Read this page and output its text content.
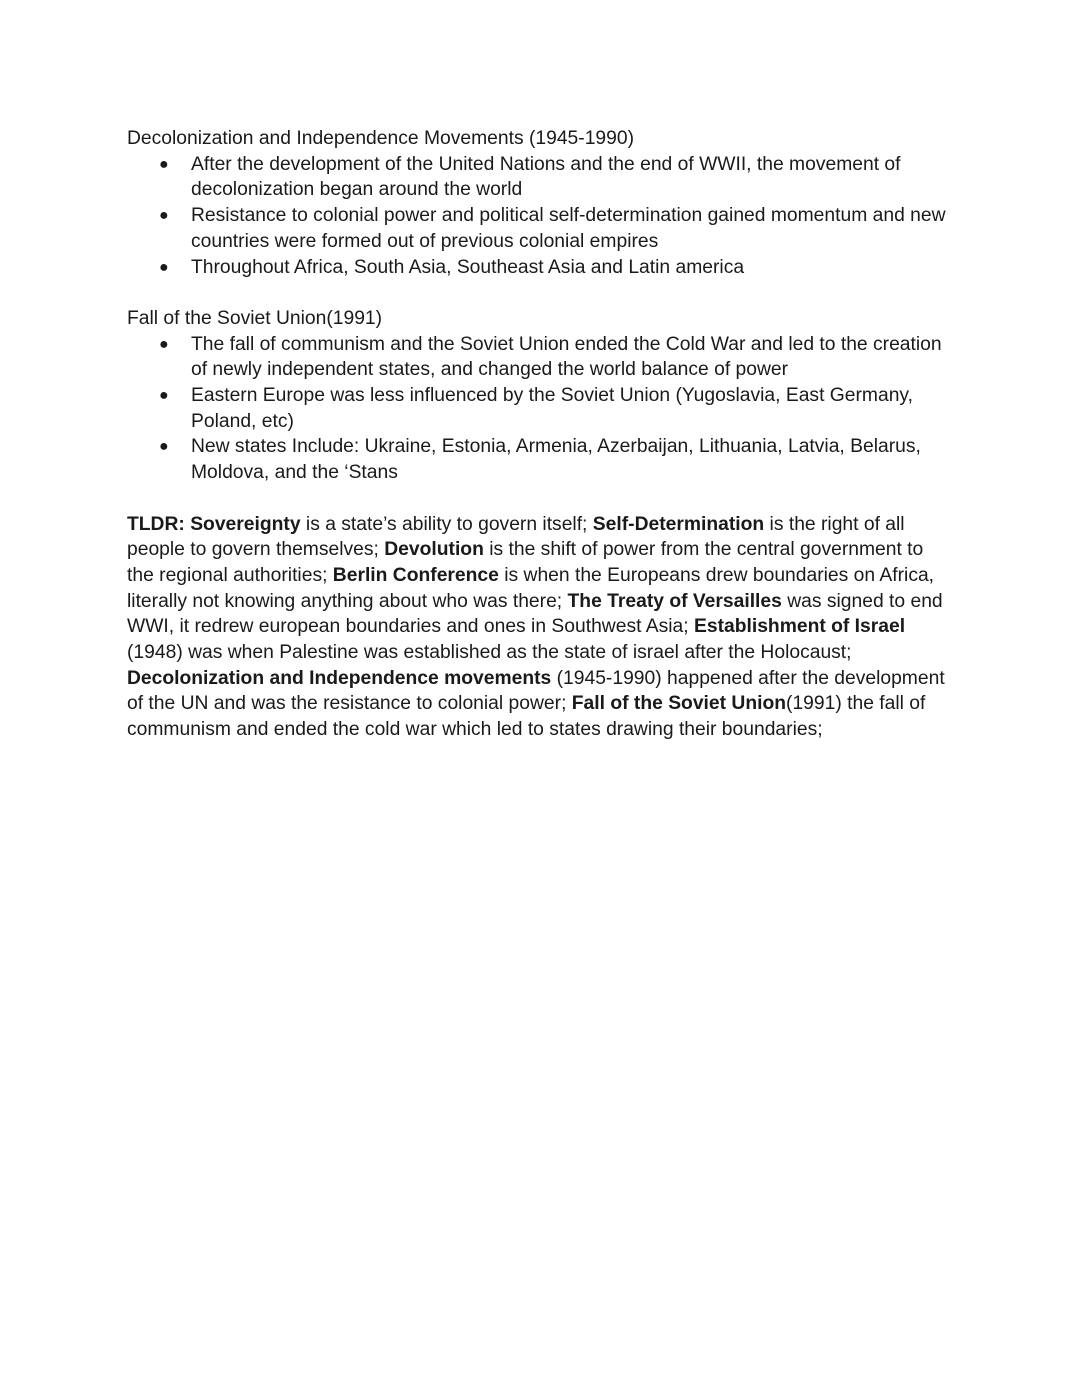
Decolonization and Independence Movements (1945-1990)

● After the development of the United Nations and the end of WWII, the movement of decolonization began around the world
● Resistance to colonial power and political self-determination gained momentum and new countries were formed out of previous colonial empires
● Throughout Africa, South Asia, Southeast Asia and Latin america

Fall of the Soviet Union(1991)

● The fall of communism and the Soviet Union ended the Cold War and led to the creation of newly independent states, and changed the world balance of power
● Eastern Europe was less influenced by the Soviet Union (Yugoslavia, East Germany, Poland, etc)
● New states Include: Ukraine, Estonia, Armenia, Azerbaijan, Lithuania, Latvia, Belarus, Moldova, and the ‘Stans

TLDR: Sovereignty is a state’s ability to govern itself; Self-Determination is the right of all people to govern themselves; Devolution is the shift of power from the central government to the regional authorities; Berlin Conference is when the Europeans drew boundaries on Africa, literally not knowing anything about who was there; The Treaty of Versailles was signed to end WWI, it redrew european boundaries and ones in Southwest Asia; Establishment of Israel (1948) was when Palestine was established as the state of israel after the Holocaust; Decolonization and Independence movements (1945-1990) happened after the development of the UN and was the resistance to colonial power; Fall of the Soviet Union(1991) the fall of communism and ended the cold war which led to states drawing their boundaries;
